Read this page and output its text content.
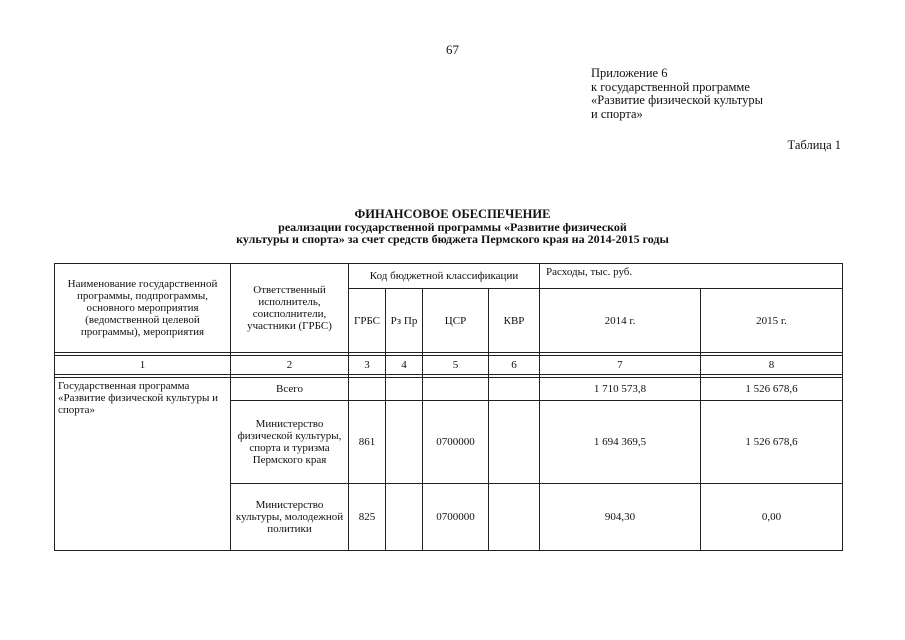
67
Приложение 6
к государственной программе
«Развитие физической культуры
и спорта»
Таблица 1
ФИНАНСОВОЕ ОБЕСПЕЧЕНИЕ
реализации государственной программы «Развитие физической
культуры и спорта» за счет средств бюджета Пермского края на 2014-2015 годы
Наименование государственной программы, подпрограммы, основного мероприятия (ведомственной целевой программы), мероприятия	Ответственный исполнитель, соисполнители, участники (ГРБС)	Код бюджетной классификации				Расходы, тыс. руб.	
		ГРБС	Рз Пр	ЦСР	КВР	2014 г.	2015 г.

1	2	3	4	5	6	7	8

Государственная программа «Развитие физической культуры и спорта»	Всего					1 710 573,8	1 526 678,6
	Министерство физической культуры, спорта и туризма Пермского края	861		0700000		1 694 369,5	1 526 678,6
	Министерство культуры, молодежной политики	825		0700000		904,30	0,00
